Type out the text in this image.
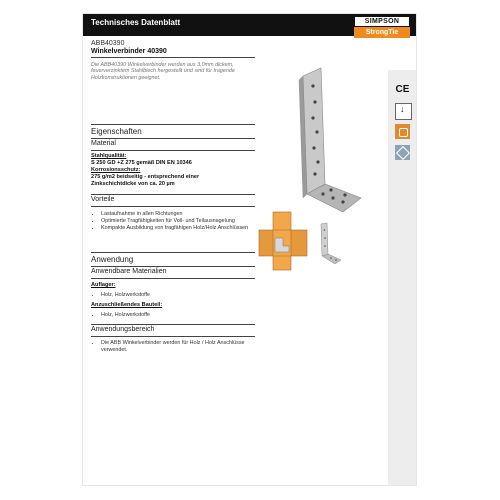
Technisches Datenblatt	SIMPSON
StrongTie
ABB40390
Winkelverbinder 40390
Die ABB40390 Winkelverbinder werden aus 3,0mm dickem, feuerverzinktem Stahlblech hergestellt und sind für tragende Holzkonstruktionen geeignet.
CE
↓
Eigenschaften
Material
Stahlqualität:
S 250 GD +Z 275 gemäß DIN EN 10346
Korrosionsschutz:
275 g/m2 beidseitig - entsprechend einer
Zinkschichtdicke von ca. 20 µm
Vorteile
• Lastaufnahme in allen Richtungen
• Optimierte Tragfähigkeiten für Voll- und Teilausnagelung
• Kompakte Ausbildung von tragfähigen Holz/Holz Anschlüssen
Anwendung
Anwendbare Materialien
Auflager:
• Holz, Holzwerkstoffe
Anzuschließendes Bauteil:
• Holz, Holzwerkstoffe
Anwendungsbereich
• Die ABB Winkelverbinder werden für Holz / Holz Anschlüsse verwendet.
